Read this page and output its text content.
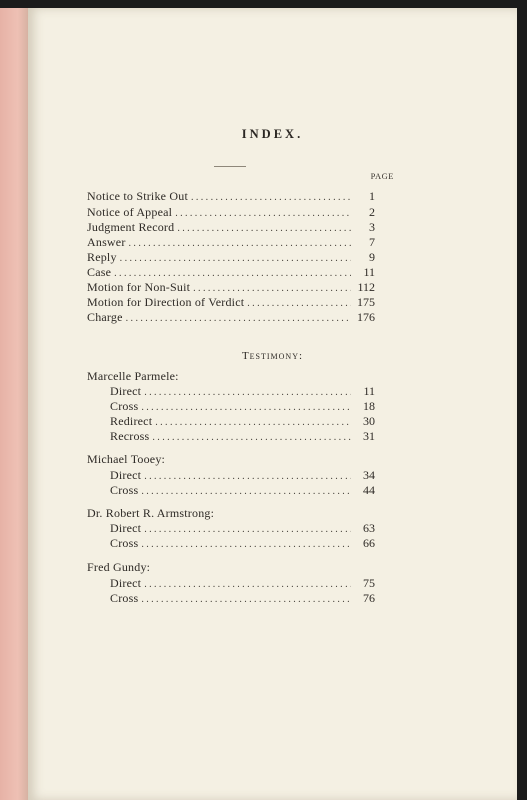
INDEX.
PAGE
Notice to Strike Out .....	1
Notice of Appeal .....	2
Judgment Record .....	3
Answer .....	7
Reply .....	9
Case .....	11
Motion for Non-Suit .....	112
Motion for Direction of Verdict .....	175
Charge .....	176
Testimony:
Marcelle Parmele:
Direct .....	11
Cross .....	18
Redirect .....	30
Recross .....	31
Michael Tooey:
Direct .....	34
Cross .....	44
Dr. Robert R. Armstrong:
Direct .....	63
Cross .....	66
Fred Gundy:
Direct .....	75
Cross .....	76
